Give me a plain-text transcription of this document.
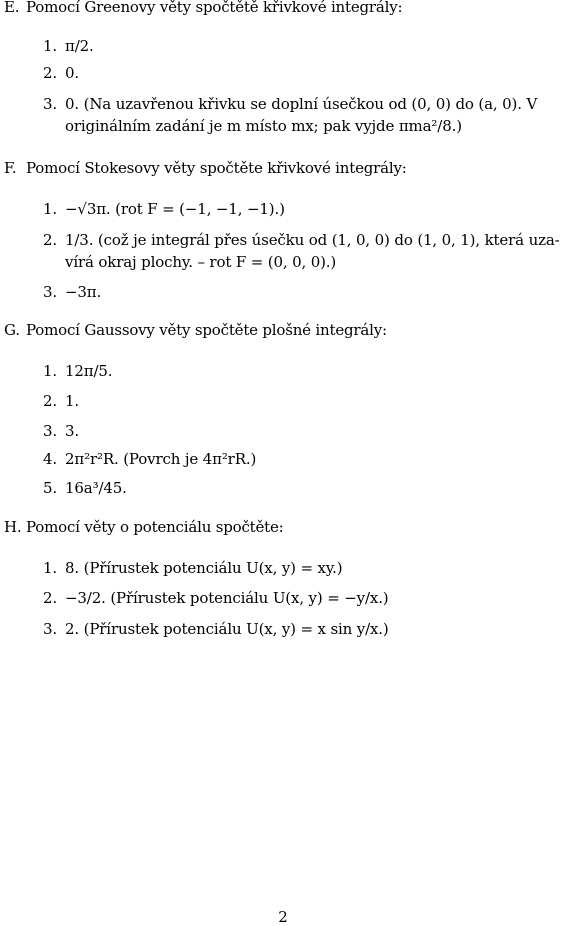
E. Pomocí Greenovy věty spočtětě křivkové integrály:
1. π/2.
2. 0.
3. 0. (Na uzavřenou křivku se doplní úsečkou od (0, 0) do (a, 0). V
originálním zadání je m místo mx; pak vyjde πma²/8.)
F. Pomocí Stokesovy věty spočtěte křivkové integrály:
1. −√3π. (rot F = (−1, −1, −1).)
2. 1/3. (což je integrál přes úsečku od (1, 0, 0) do (1, 0, 1), která uza-
vírá okraj plochy. – rot F = (0, 0, 0).)
3. −3π.
G. Pomocí Gaussovy věty spočtěte plošné integrály:
1. 12π/5.
2. 1.
3. 3.
4. 2π²r²R. (Povrch je 4π²rR.)
5. 16a³/45.
H. Pomocí věty o potenciálu spočtěte:
1. 8. (Přírustek potenciálu U(x, y) = xy.)
2. −3/2. (Přírustek potenciálu U(x, y) = −y/x.)
3. 2. (Přírustek potenciálu U(x, y) = x sin y/x.)
2
